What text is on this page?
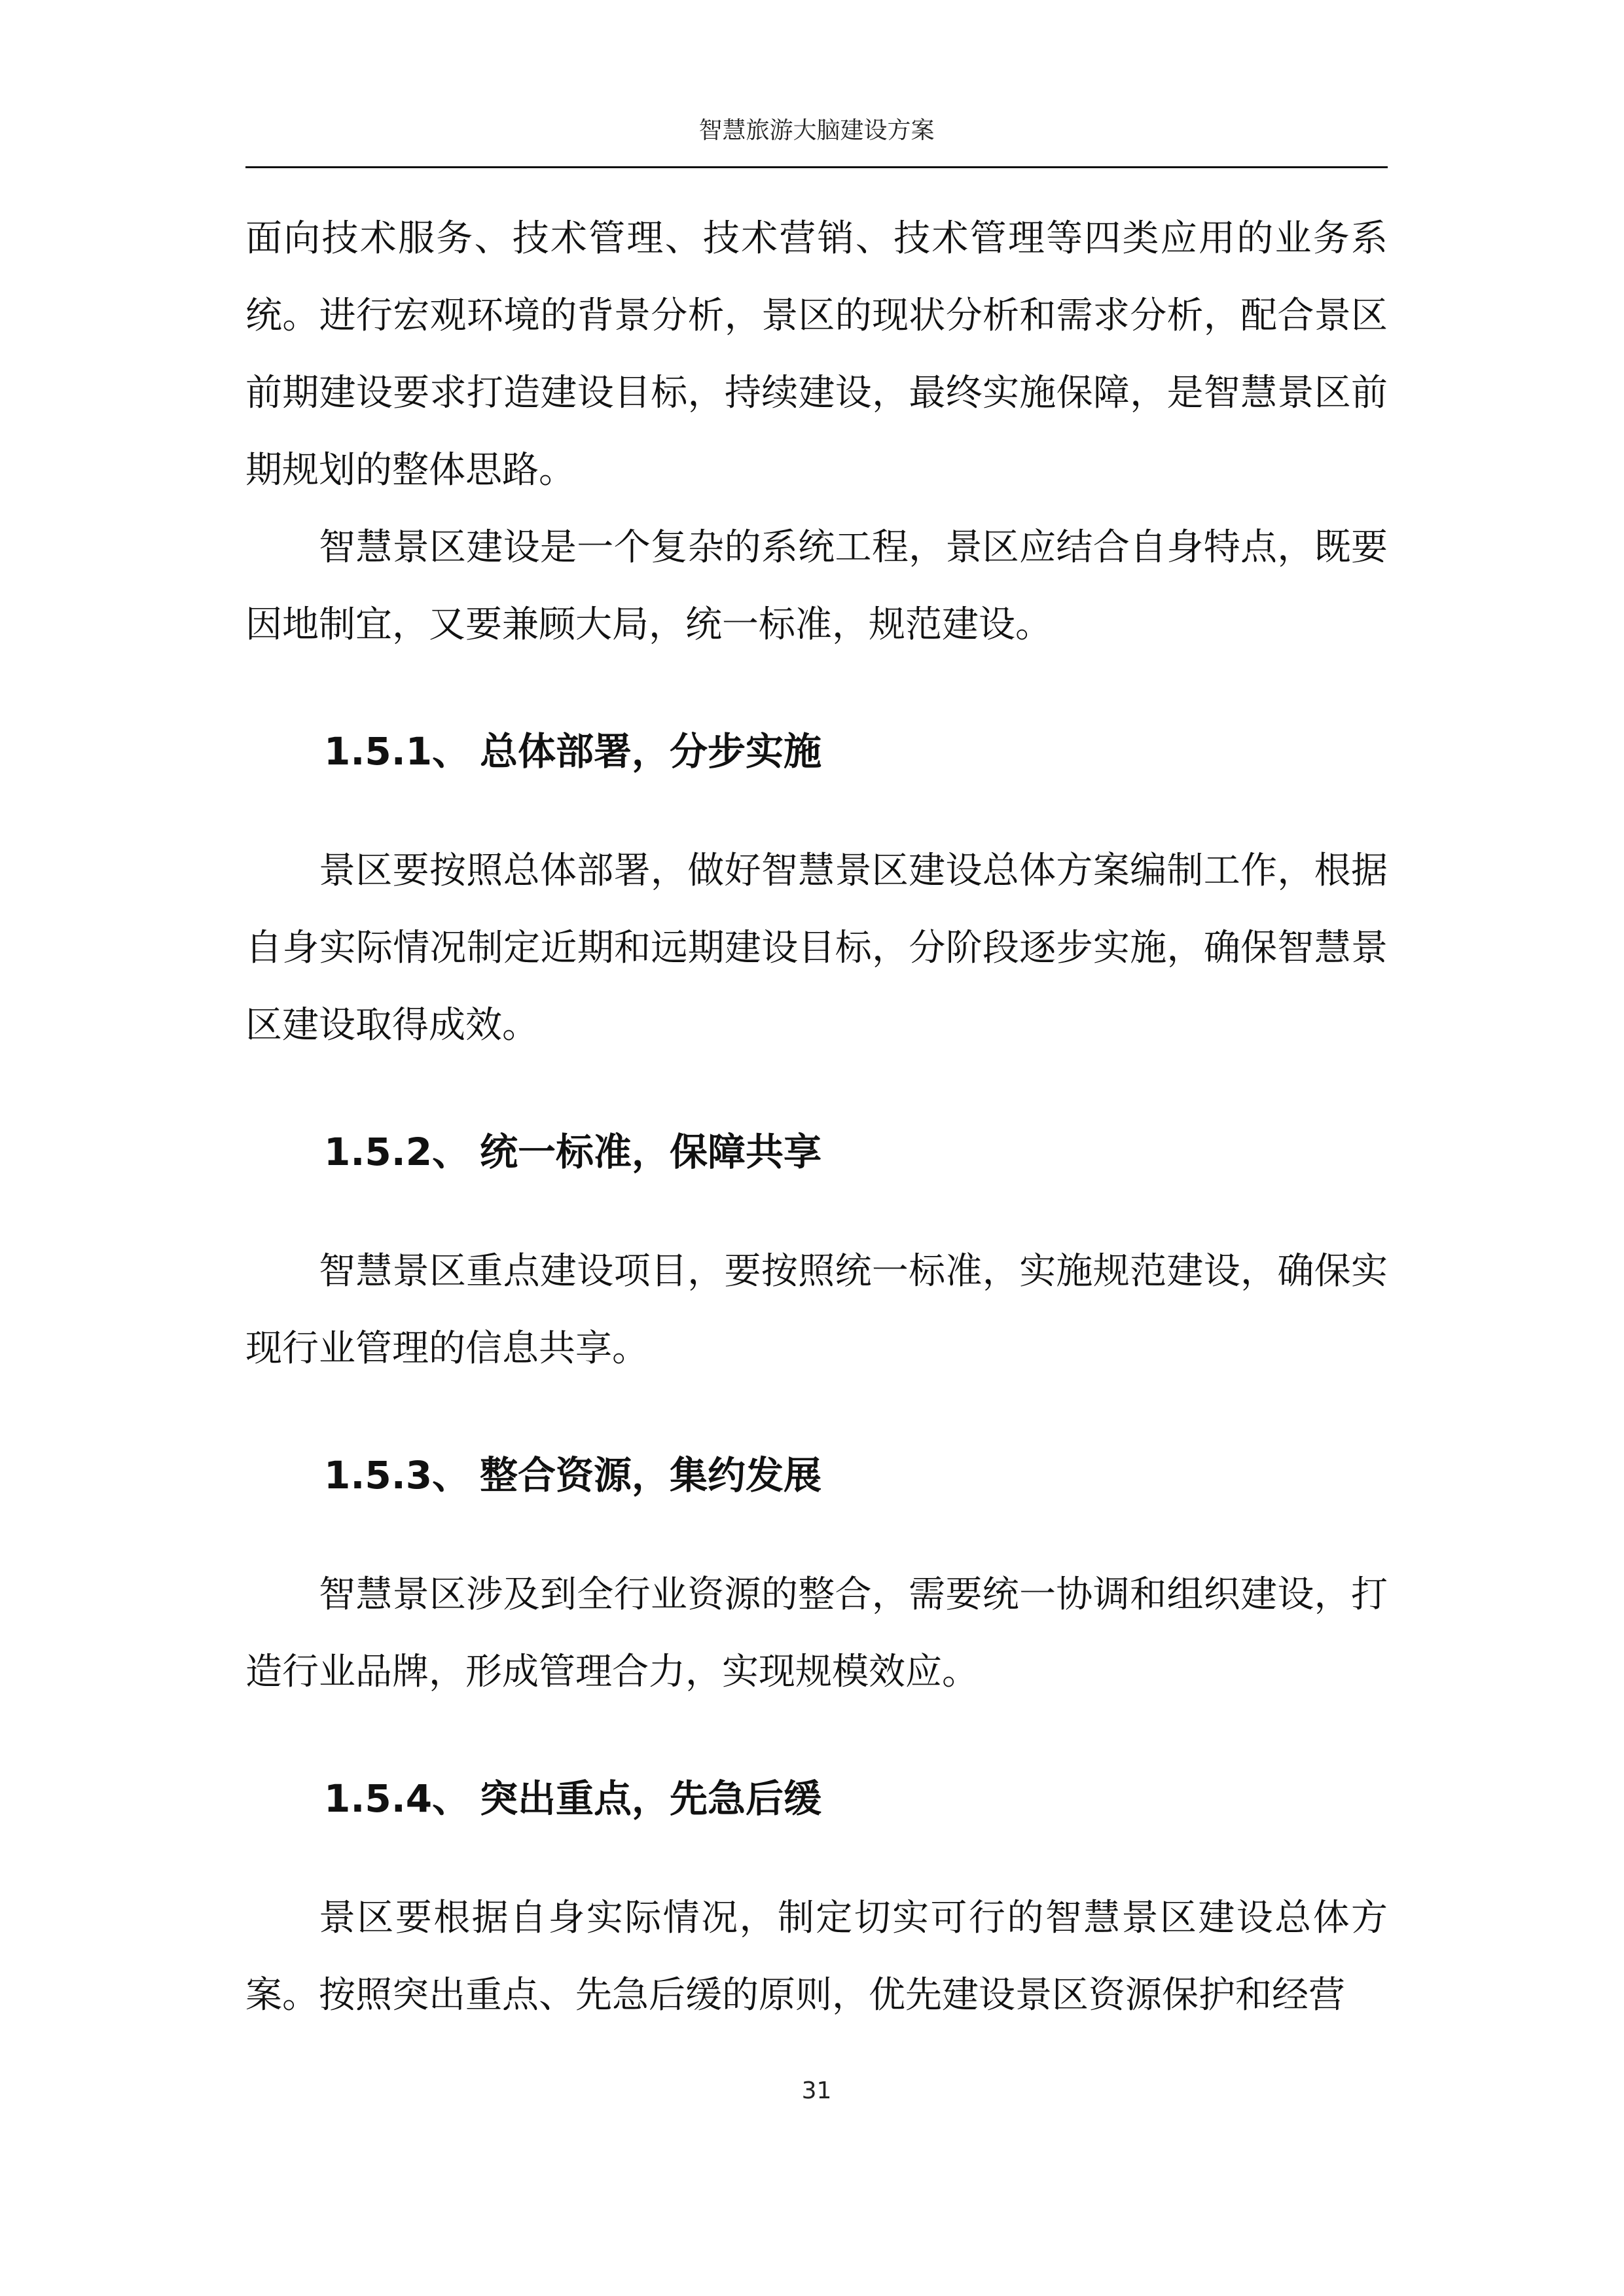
智慧旅游大脑建设方案

面向技术服务、技术管理、技术营销、技术管理等四类应用的业务系统。进行宏观环境的背景分析，景区的现状分析和需求分析，配合景区前期建设要求打造建设目标，持续建设，最终实施保障，是智慧景区前期规划的整体思路。

智慧景区建设是一个复杂的系统工程，景区应结合自身特点，既要因地制宜，又要兼顾大局，统一标准，规范建设。

1.5.1、 总体部署，分步实施

景区要按照总体部署，做好智慧景区建设总体方案编制工作，根据自身实际情况制定近期和远期建设目标，分阶段逐步实施，确保智慧景区建设取得成效。

1.5.2、 统一标准，保障共享

智慧景区重点建设项目，要按照统一标准，实施规范建设，确保实现行业管理的信息共享。

1.5.3、 整合资源，集约发展

智慧景区涉及到全行业资源的整合，需要统一协调和组织建设，打造行业品牌，形成管理合力，实现规模效应。

1.5.4、 突出重点，先急后缓

景区要根据自身实际情况，制定切实可行的智慧景区建设总体方案。按照突出重点、先急后缓的原则，优先建设景区资源保护和经营

31
